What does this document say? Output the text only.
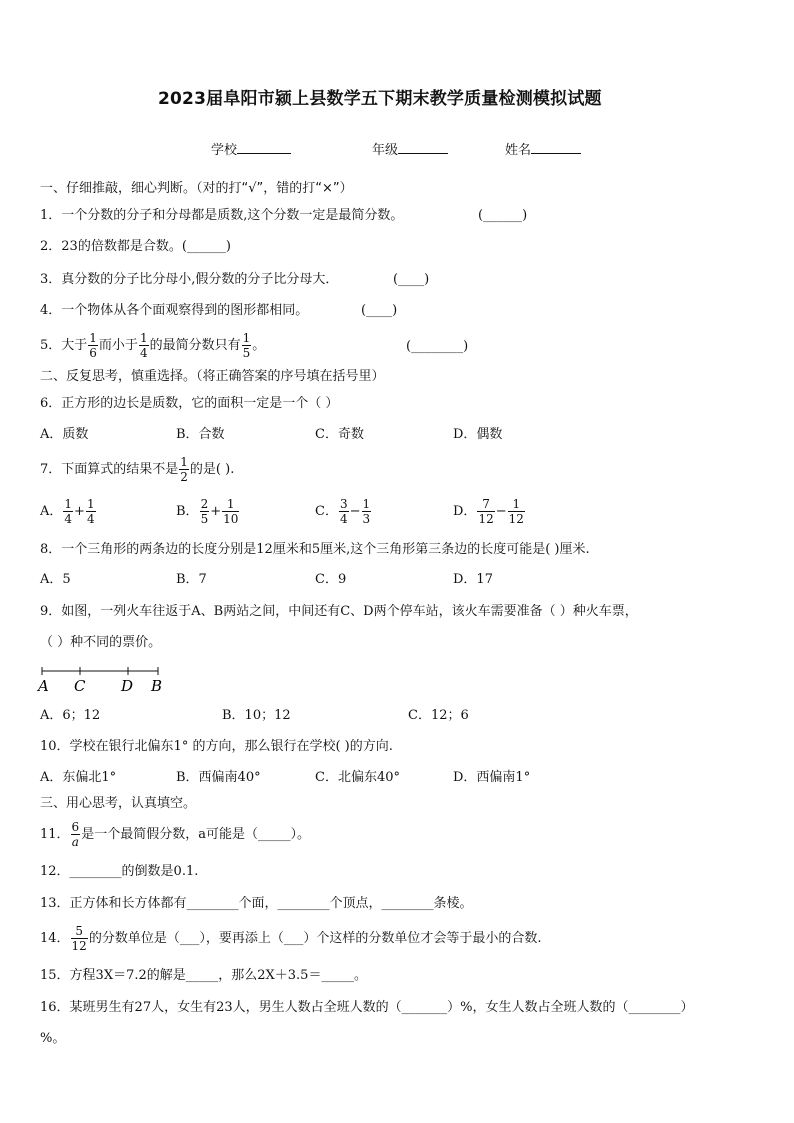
2023届阜阳市颍上县数学五下期末教学质量检测模拟试题
学校	年级	姓名
一、仔细推敲，细心判断。（对的打“√”，错的打“×”）
1．一个分数的分子和分母都是质数,这个分数一定是最简分数。	(______)
2．23的倍数都是合数。(______)
3．真分数的分子比分母小,假分数的分子比分母大．	(____)
4．一个物体从各个面观察得到的图形都相同。	(____)
5．大于 $\frac{1}{6}$ 而小于 $\frac{1}{4}$ 的最简分数只有 $\frac{1}{5}$ 。	(________)
二、反复思考，慎重选择。（将正确答案的序号填在括号里）
6．正方形的边长是质数，它的面积一定是一个（ ）
A．质数	B．合数	C．奇数	D．偶数
7．下面算式的结果不是 $\frac{1}{2}$ 的是( ).
A． $\frac{1}{4} + \frac{1}{4}$	B． $\frac{2}{5} + \frac{1}{10}$	C． $\frac{3}{4} - \frac{1}{3}$	D． $\frac{7}{12} - \frac{1}{12}$
8．一个三角形的两条边的长度分别是12厘米和5厘米,这个三角形第三条边的长度可能是( )厘米.
A．5	B．7	C．9	D．17
9．如图，一列火车往返于A、B两站之间，中间还有C、D两个停车站，该火车需要准备（ ）种火车票，
（ ）种不同的票价。
A C D B
A．6；12	B．10；12	C．12；6
10．学校在银行北偏东1° 的方向，那么银行在学校( )的方向.
A．东偏北1°	B．西偏南40°	C．北偏东40°	D．西偏南1°
三、用心思考，认真填空。
11． $\frac{6}{a}$ 是一个最简假分数，a可能是（_____）。
12．________的倒数是0.1.
13．正方体和长方体都有________个面，________个顶点，________条棱。
14． $\frac{5}{12}$ 的分数单位是（___），要再添上（___）个这样的分数单位才会等于最小的合数.
15．方程3X＝7.2的解是_____，那么2X＋3.5＝_____。
16．某班男生有27人，女生有23人，男生人数占全班人数的（_______）%，女生人数占全班人数的（________）
%。
